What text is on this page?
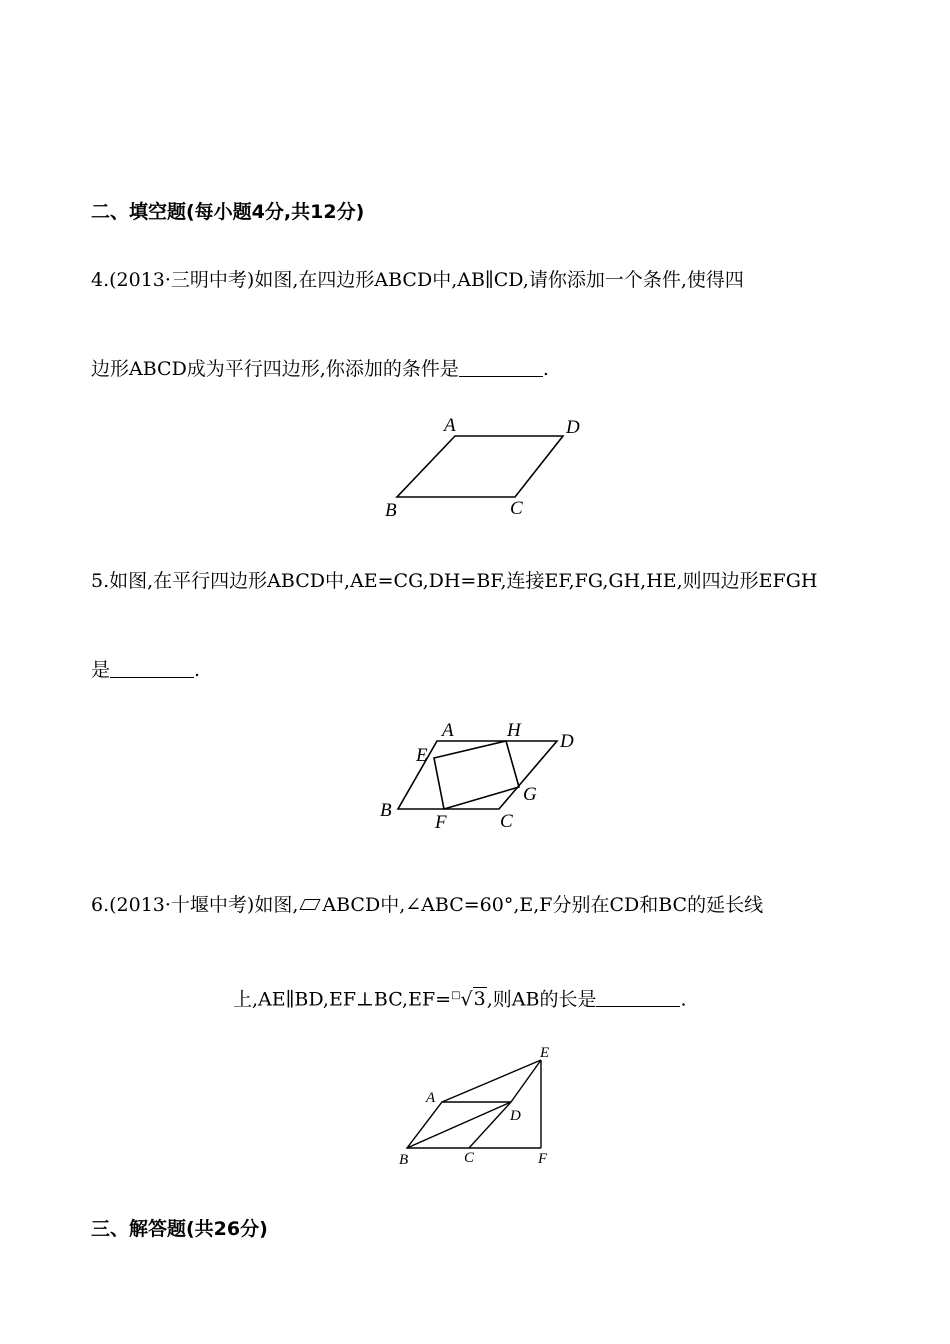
二、填空题(每小题4分,共12分)
4.(2013·三明中考)如图,在四边形ABCD中,AB∥CD,请你添加一个条件,使得四
边形ABCD成为平行四边形,你添加的条件是	.
A	D
B	C
5.如图,在平行四边形ABCD中,AE=CG,DH=BF,连接EF,FG,GH,HE,则四边形EFGH
是	.
A	H
D
E
G
B
F	C
6.(2013·十堰中考)如图, ABCD中,∠ABC=60°,E,F分别在CD和BC的延长线
上,AE∥BD,EF⊥BC,EF=□√3,则AB的长是	.
E
A
D
B	C	F
三、解答题(共26分)
